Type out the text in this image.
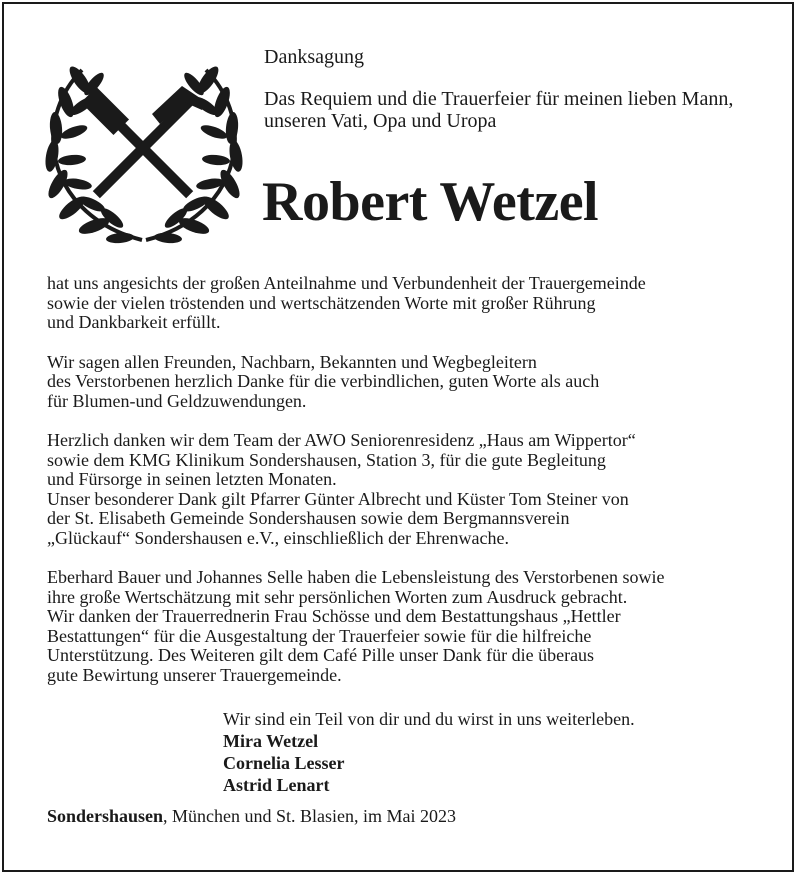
Danksagung
Das Requiem und die Trauerfeier für meinen lieben Mann,
unseren Vati, Opa und Uropa
Robert Wetzel
hat uns angesichts der großen Anteilnahme und Verbundenheit der Trauergemeinde
sowie der vielen tröstenden und wertschätzenden Worte mit großer Rührung
und Dankbarkeit erfüllt.
Wir sagen allen Freunden, Nachbarn, Bekannten und Wegbegleitern
des Verstorbenen herzlich Danke für die verbindlichen, guten Worte als auch
für Blumen-und Geldzuwendungen.
Herzlich danken wir dem Team der AWO Seniorenresidenz „Haus am Wippertor“
sowie dem KMG Klinikum Sondershausen, Station 3, für die gute Begleitung
und Fürsorge in seinen letzten Monaten.
Unser besonderer Dank gilt Pfarrer Günter Albrecht und Küster Tom Steiner von
der St. Elisabeth Gemeinde Sondershausen sowie dem Bergmannsverein
„Glückauf“ Sondershausen e.V., einschließlich der Ehrenwache.
Eberhard Bauer und Johannes Selle haben die Lebensleistung des Verstorbenen sowie
ihre große Wertschätzung mit sehr persönlichen Worten zum Ausdruck gebracht.
Wir danken der Trauerrednerin Frau Schösse und dem Bestattungshaus „Hettler
Bestattungen“ für die Ausgestaltung der Trauerfeier sowie für die hilfreiche
Unterstützung. Des Weiteren gilt dem Café Pille unser Dank für die überaus
gute Bewirtung unserer Trauergemeinde.
Wir sind ein Teil von dir und du wirst in uns weiterleben.
Mira Wetzel
Cornelia Lesser
Astrid Lenart
Sondershausen, München und St. Blasien, im Mai 2023
